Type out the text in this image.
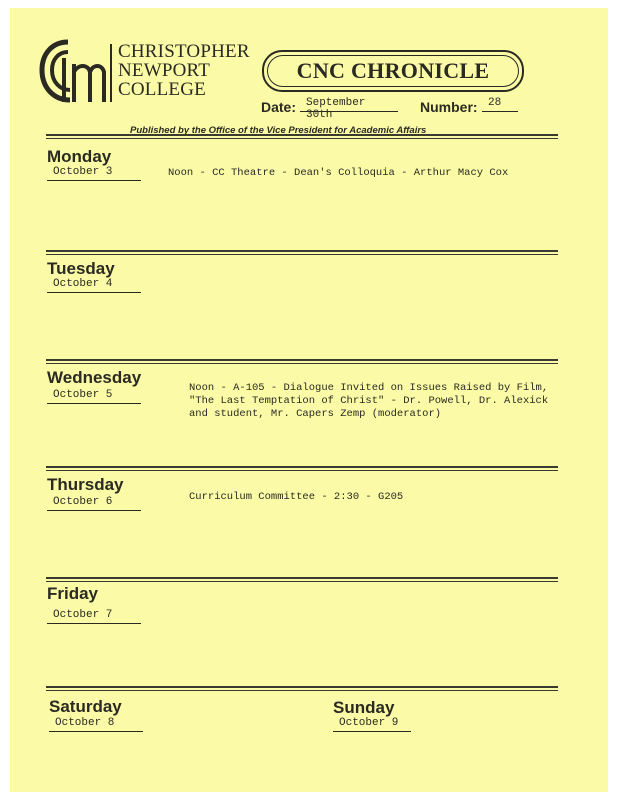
CHRISTOPHER
NEWPORT
COLLEGE
CNC CHRONICLE
Date: September 30th	Number: 28
Published by the Office of the Vice President for Academic Affairs
Monday
October 3	Noon - CC Theatre - Dean's Colloquia - Arthur Macy Cox
Tuesday
October 4
Wednesday
October 5
Noon - A-105 - Dialogue Invited on Issues Raised by Film,
"The Last Temptation of Christ" - Dr. Powell, Dr. Alexick
and student, Mr. Capers Zemp (moderator)
Thursday
October 6	Curriculum Committee - 2:30 - G205
Friday
October 7
Saturday
October 8
Sunday
October 9
